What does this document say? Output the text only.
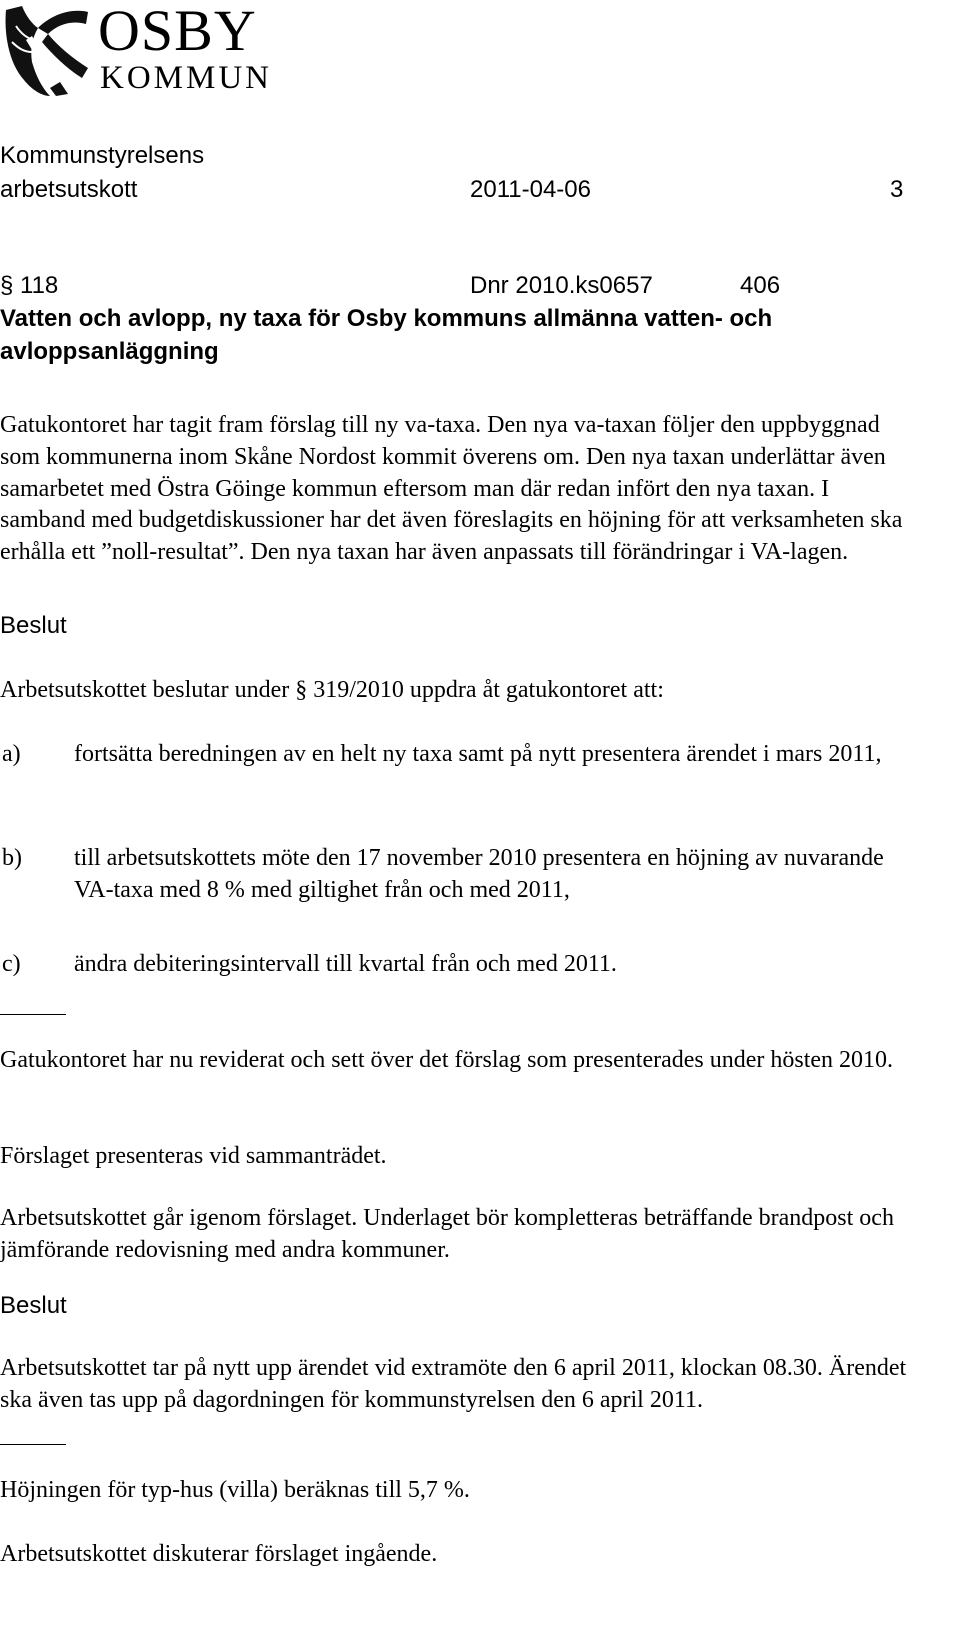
OSBY
KOMMUN
Kommunstyrelsens
arbetsutskott	2011-04-06	3
§ 118	Dnr 2010.ks0657	406
Vatten och avlopp, ny taxa för Osby kommuns allmänna vatten- och avloppsanläggning
Gatukontoret har tagit fram förslag till ny va-taxa. Den nya va-taxan följer den uppbyggnad som kommunerna inom Skåne Nordost kommit överens om. Den nya taxan underlättar även samarbetet med Östra Göinge kommun eftersom man där redan infört den nya taxan. I samband med budgetdiskussioner har det även föreslagits en höjning för att verksamheten ska erhålla ett ”noll-resultat”. Den nya taxan har även anpassats till förändringar i VA-lagen.
Beslut
Arbetsutskottet beslutar under § 319/2010 uppdra åt gatukontoret att:
a) fortsätta beredningen av en helt ny taxa samt på nytt presentera ärendet i mars 2011,
b) till arbetsutskottets möte den 17 november 2010 presentera en höjning av nuvarande VA-taxa med 8 % med giltighet från och med 2011,
c) ändra debiteringsintervall till kvartal från och med 2011.
Gatukontoret har nu reviderat och sett över det förslag som presenterades under hösten 2010.
Förslaget presenteras vid sammanträdet.
Arbetsutskottet går igenom förslaget. Underlaget bör kompletteras beträffande brandpost och jämförande redovisning med andra kommuner.
Beslut
Arbetsutskottet tar på nytt upp ärendet vid extramöte den 6 april 2011, klockan 08.30. Ärendet ska även tas upp på dagordningen för kommunstyrelsen den 6 april 2011.
Höjningen för typ-hus (villa) beräknas till 5,7 %.
Arbetsutskottet diskuterar förslaget ingående.
